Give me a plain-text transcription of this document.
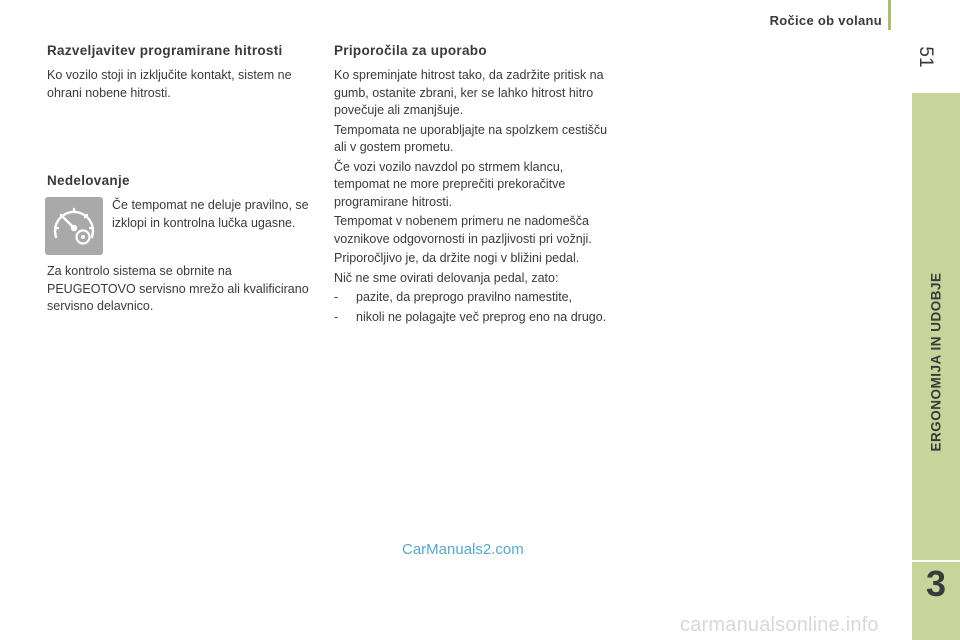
Ročice ob volanu
51
ERGONOMIJA IN UDOBJE
3
Razveljavitev programirane hitrosti

Ko vozilo stoji in izključite kontakt, sistem ne ohrani nobene hitrosti.

Nedelovanje

Če tempomat ne deluje pravilno, se izklopi in kontrolna lučka ugasne.

Za kontrolo sistema se obrnite na PEUGEOTOVO servisno mrežo ali kvalificirano servisno delavnico.

Priporočila za uporabo

Ko spreminjate hitrost tako, da zadržite pritisk na gumb, ostanite zbrani, ker se lahko hitrost hitro povečuje ali zmanjšuje.

Tempomata ne uporabljajte na spolzkem cestišču ali v gostem prometu.

Če vozi vozilo navzdol po strmem klancu, tempomat ne more preprečiti prekoračitve programirane hitrosti.

Tempomat v nobenem primeru ne nadomešča voznikove odgovornosti in pazljivosti pri vožnji.

Priporočljivo je, da držite nogi v bližini pedal.

Nič ne sme ovirati delovanja pedal, zato:

- pazite, da preprogo pravilno namestite,
- nikoli ne polagajte več preprog eno na drugo.
CarManuals2.com
carmanualsonline.info
